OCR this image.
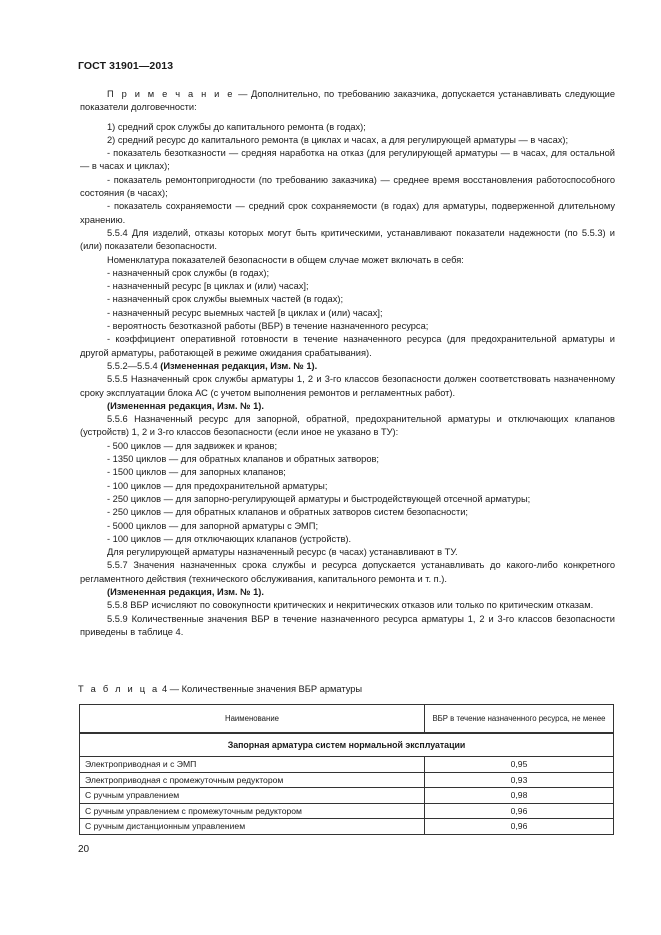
ГОСТ 31901—2013

П р и м е ч а н и е — Дополнительно, по требованию заказчика, допускается устанавливать следующие показатели долговечности:

1) средний срок службы до капитального ремонта (в годах);

2) средний ресурс до капитального ремонта (в циклах и часах, а для регулирующей арматуры — в часах);

- показатель безотказности — средняя наработка на отказ (для регулирующей арматуры — в часах, для остальной — в часах и циклах);

- показатель ремонтопригодности (по требованию заказчика) — среднее время восстановления работоспособного состояния (в часах);

- показатель сохраняемости — средний срок сохраняемости (в годах) для арматуры, подверженной длительному хранению.

5.5.4 Для изделий, отказы которых могут быть критическими, устанавливают показатели надежности (по 5.5.3) и (или) показатели безопасности.

Номенклатура показателей безопасности в общем случае может включать в себя:

- назначенный срок службы (в годах);

- назначенный ресурс [в циклах и (или) часах];

- назначенный срок службы выемных частей (в годах);

- назначенный ресурс выемных частей [в циклах и (или) часах];

- вероятность безотказной работы (ВБР) в течение назначенного ресурса;

- коэффициент оперативной готовности в течение назначенного ресурса (для предохранительной арматуры и другой арматуры, работающей в режиме ожидания срабатывания).

5.5.2—5.5.4 (Измененная редакция, Изм. № 1).

5.5.5 Назначенный срок службы арматуры 1, 2 и 3-го классов безопасности должен соответствовать назначенному сроку эксплуатации блока АС (с учетом выполнения ремонтов и регламентных работ).

(Измененная редакция, Изм. № 1).

5.5.6 Назначенный ресурс для запорной, обратной, предохранительной арматуры и отключающих клапанов (устройств) 1, 2 и 3-го классов безопасности (если иное не указано в ТУ):

- 500 циклов — для задвижек и кранов;

- 1350 циклов — для обратных клапанов и обратных затворов;

- 1500 циклов — для запорных клапанов;

- 100 циклов — для предохранительной арматуры;

- 250 циклов — для запорно-регулирующей арматуры и быстродействующей отсечной арматуры;

- 250 циклов — для обратных клапанов и обратных затворов систем безопасности;

- 5000 циклов — для запорной арматуры с ЭМП;

- 100 циклов — для отключающих клапанов (устройств).

Для регулирующей арматуры назначенный ресурс (в часах) устанавливают в ТУ.

5.5.7 Значения назначенных срока службы и ресурса допускается устанавливать до какого-либо конкретного регламентного действия (технического обслуживания, капитального ремонта и т. п.).

(Измененная редакция, Изм. № 1).

5.5.8 ВБР исчисляют по совокупности критических и некритических отказов или только по критическим отказам.

5.5.9 Количественные значения ВБР в течение назначенного ресурса арматуры 1, 2 и 3-го классов безопасности приведены в таблице 4.

Т а б л и ц а 4 — Количественные значения ВБР арматуры
Наименование	ВБР в течение назначенного ресурса, не менее
Запорная арматура систем нормальной эксплуатации	
Электроприводная и с ЭМП	0,95
Электроприводная с промежуточным редуктором	0,93
С ручным управлением	0,98
С ручным управлением с промежуточным редуктором	0,96
С ручным дистанционным управлением	0,96
20
